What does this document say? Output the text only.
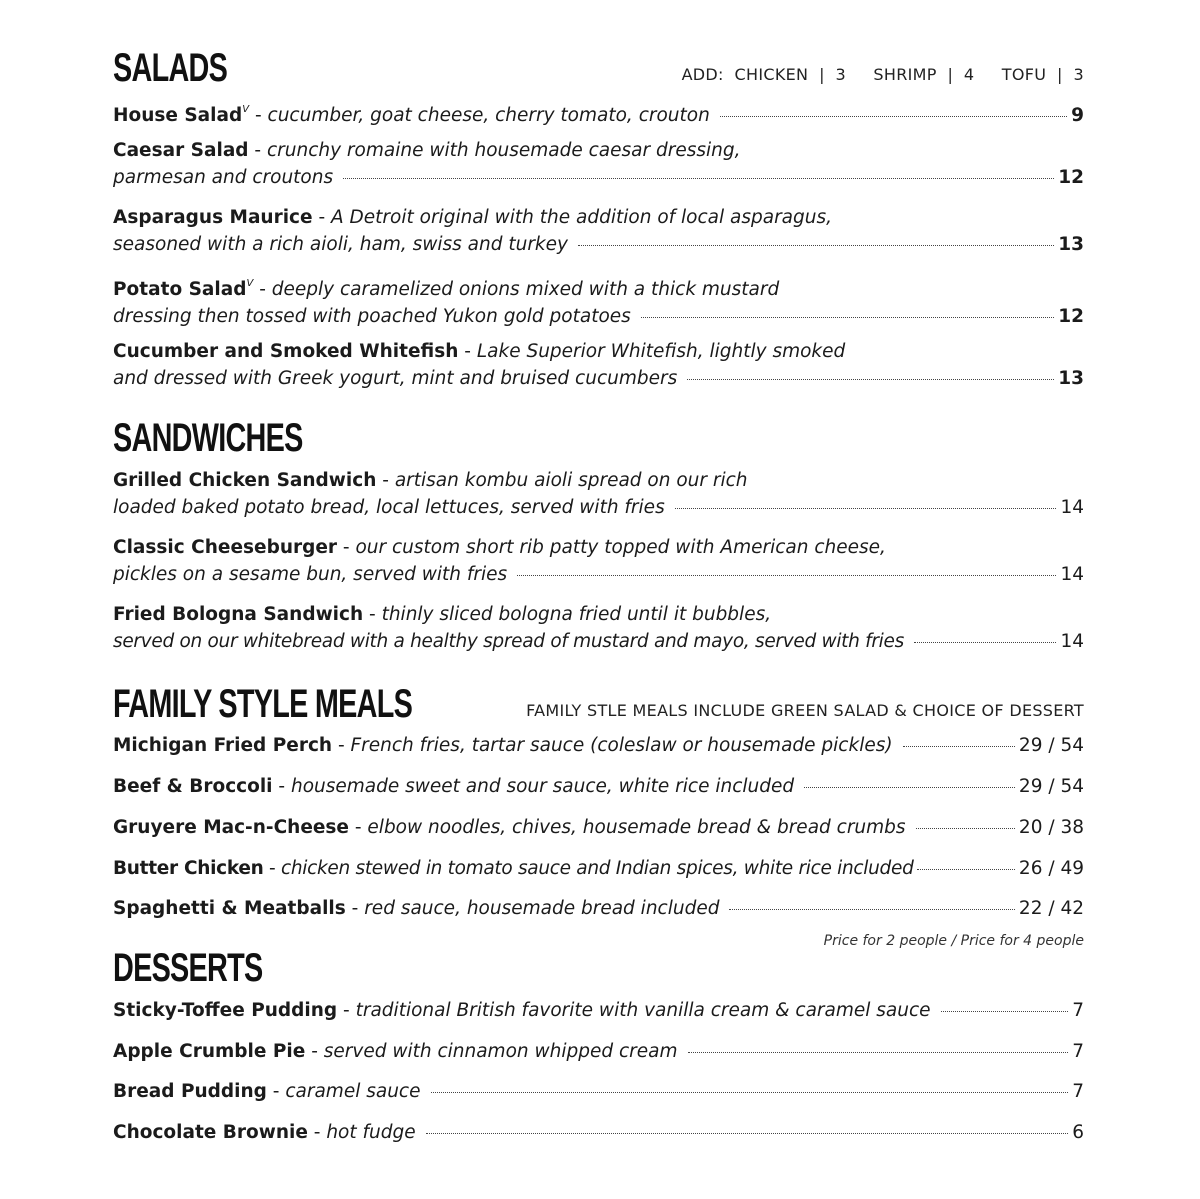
SALADS	ADD: CHICKEN  |  3 SHRIMP  |  4 TOFU  |  3
House Salad$^V$ - cucumber, goat cheese, cherry tomato, crouton	9
Caesar Salad - crunchy romaine with housemade caesar dressing,
parmesan and croutons	12
Asparagus Maurice - A Detroit original with the addition of local asparagus,
seasoned with a rich aioli, ham, swiss and turkey	13
Potato Salad$^V$ - deeply caramelized onions mixed with a thick mustard
dressing then tossed with poached Yukon gold potatoes	12
Cucumber and Smoked Whitefish - Lake Superior Whitefish, lightly smoked
and dressed with Greek yogurt, mint and bruised cucumbers	13
SANDWICHES
Grilled Chicken Sandwich - artisan kombu aioli spread on our rich
loaded baked potato bread, local lettuces, served with fries	14
Classic Cheeseburger - our custom short rib patty topped with American cheese,
pickles on a sesame bun, served with fries	14
Fried Bologna Sandwich - thinly sliced bologna fried until it bubbles,
served on our whitebread with a healthy spread of mustard and mayo, served with fries	14
FAMILY STYLE MEALS	FAMILY STLE MEALS INCLUDE GREEN SALAD & CHOICE OF DESSERT
Michigan Fried Perch - French fries, tartar sauce (coleslaw or housemade pickles)	29 / 54
Beef & Broccoli - housemade sweet and sour sauce, white rice included	29 / 54
Gruyere Mac-n-Cheese - elbow noodles, chives, housemade bread & bread crumbs	20 / 38
Butter Chicken - chicken stewed in tomato sauce and Indian spices, white rice included	26 / 49
Spaghetti & Meatballs - red sauce, housemade bread included	22 / 42
Price for 2 people / Price for 4 people
DESSERTS
Sticky-Toffee Pudding - traditional British favorite with vanilla cream & caramel sauce	7
Apple Crumble Pie - served with cinnamon whipped cream	7
Bread Pudding - caramel sauce	7
Chocolate Brownie - hot fudge	6
